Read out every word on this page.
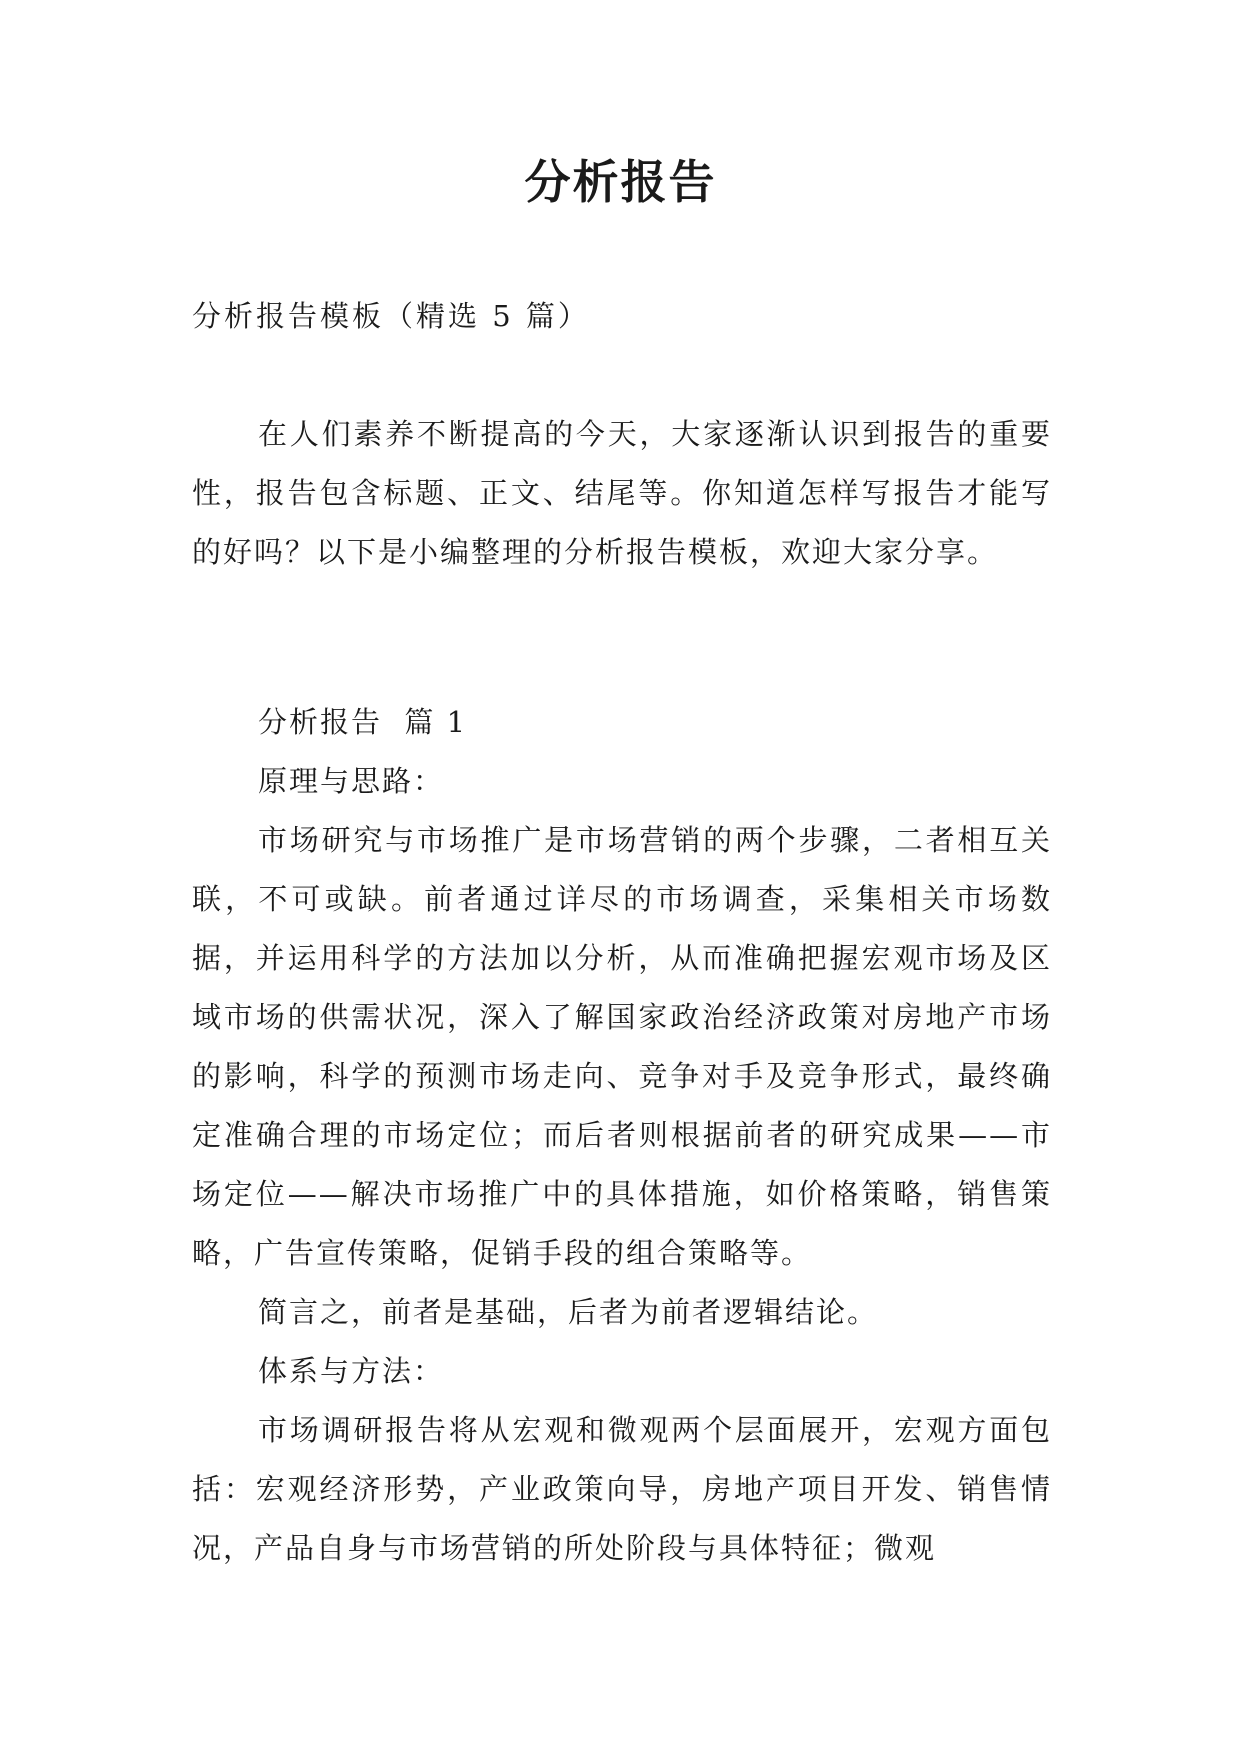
分析报告

分析报告模板（精选 5 篇）

在人们素养不断提高的今天，大家逐渐认识到报告的重要性，报告包含标题、正文、结尾等。你知道怎样写报告才能写的好吗？以下是小编整理的分析报告模板，欢迎大家分享。

分析报告  篇 1

原理与思路：

市场研究与市场推广是市场营销的两个步骤，二者相互关联，不可或缺。前者通过详尽的市场调查，采集相关市场数据，并运用科学的方法加以分析，从而准确把握宏观市场及区域市场的供需状况，深入了解国家政治经济政策对房地产市场的影响，科学的预测市场走向、竞争对手及竞争形式，最终确定准确合理的市场定位；而后者则根据前者的研究成果——市场定位——解决市场推广中的具体措施，如价格策略，销售策略，广告宣传策略，促销手段的组合策略等。

简言之，前者是基础，后者为前者逻辑结论。

体系与方法：

市场调研报告将从宏观和微观两个层面展开，宏观方面包括：宏观经济形势，产业政策向导，房地产项目开发、销售情况，产品自身与市场营销的所处阶段与具体特征；微观
